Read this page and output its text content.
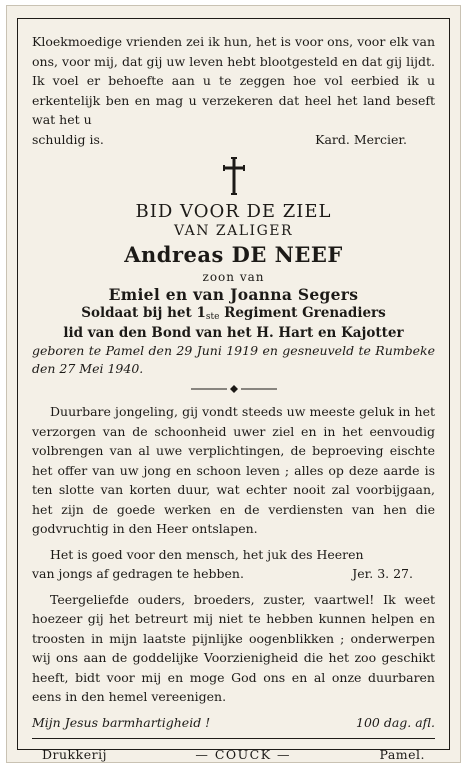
Kloekmoedige vrienden zei ik hun, het is voor ons, voor elk van ons, voor mij, dat gij uw leven hebt blootgesteld en dat gij lijdt. Ik voel er behoefte aan u te zeggen hoe vol eerbied ik u erkentelijk ben en mag u verzekeren dat heel het land beseft wat het u

schuldig is.	Kard. Mercier.
BID VOOR DE ZIEL
VAN ZALIGER
Andreas DE NEEF
zoon van
Emiel en van Joanna Segers
Soldaat bij het $1_{ste}$ Regiment Grenadiers
lid van den Bond van het H. Hart en Kajotter
geboren te Pamel den 29 Juni 1919 en gesneuveld te Rumbeke den 27 Mei 1940.

Duurbare jongeling, gij vondt steeds uw meeste geluk in het verzorgen van de schoonheid uwer ziel en in het eenvoudig volbrengen van al uwe verplichtingen, de beproeving eischte het offer van uw jong en schoon leven ; alles op deze aarde is ten slotte van korten duur, wat echter nooit zal voorbijgaan, het zijn de goede werken en de verdiensten van hen die godvruchtig in den Heer ontslapen.

Het is goed voor den mensch, het juk des Heeren

van jongs af gedragen te hebben.	Jer. 3. 27.

Teergeliefde ouders, broeders, zuster, vaartwel! Ik weet hoezeer gij het betreurt mij niet te hebben kunnen helpen en troosten in mijn laatste pijnlijke oogenblikken ; onderwerpen wij ons aan de goddelijke Voorzienigheid die het zoo geschikt heeft, bidt voor mij en moge God ons en al onze duurbaren eens in den hemel vereenigen.

Mijn Jesus barmhartigheid !	100 dag. afl.
Drukkerij	— COUCK —	Pamel.
